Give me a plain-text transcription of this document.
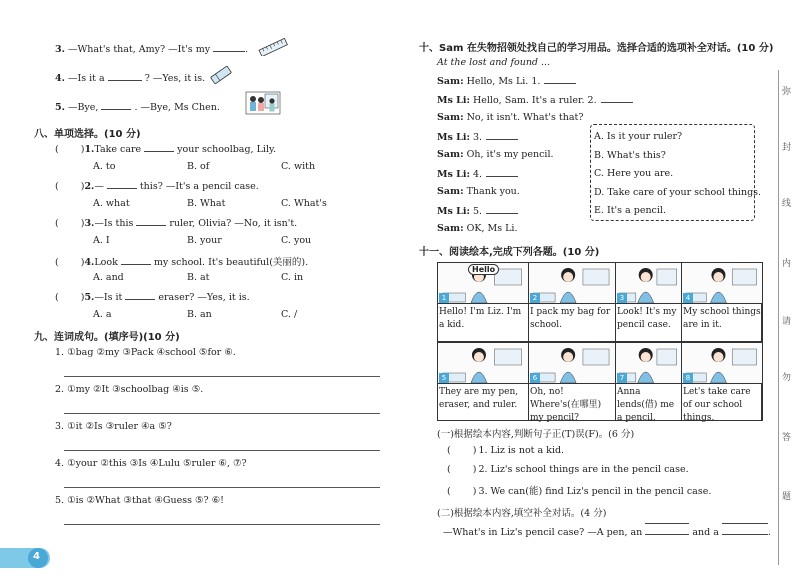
3. —What's that, Amy? —It's my	.
4. —Is it a	? —Yes, it is.
5. —Bye,	. —Bye, Ms Chen.
八、单项选择。(10 分)
( )1.Take care	your schoolbag, Lily.
A. to	B. of	C. with
( )2.—	this? —It's a pencil case.
A. what	B. What	C. What's
( )3.—Is this	ruler, Olivia? —No, it isn't.
A. I	B. your	C. you
( )4.Look	my school. It's beautiful(美丽的).
A. and	B. at	C. in
( )5.—Is it	eraser? —Yes, it is.
A. a	B. an	C. /
九、连词成句。(填序号)(10 分)
1. ①bag ②my ③Pack ④school ⑤for ⑥.
2. ①my ②It ③schoolbag ④is ⑤.
3. ①it ②Is ③ruler ④a ⑤?
4. ①your ②this ③Is ④Lulu ⑤ruler ⑥, ⑦?
5. ①is ②What ③that ④Guess ⑤? ⑥!
4
十、Sam 在失物招领处找自己的学习用品。选择合适的选项补全对话。(10 分)
At the lost and found ...
Sam: Hello, Ms Li. 1.
Ms Li: Hello, Sam. It's a ruler. 2.
Sam: No, it isn't. What's that?
Ms Li: 3.
Sam: Oh, it's my pencil.
Ms Li: 4.
Sam: Thank you.
Ms Li: 5.
Sam: OK, Ms Li.
A. Is it your ruler?
B. What's this?
C. Here you are.
D. Take care of your school things.
E. It's a pencil.
十一、阅读绘本,完成下列各题。(10 分)
1
Hello! I'm Liz. I'm a kid.
2
I pack my bag for school.
3
Look! It's my pencil case.
4
My school things are in it.
5
They are my pen, eraser, and ruler.
6
Oh, no! Where's(在哪里) my pencil?
7
Anna lends(借) me a pencil.
8
Let's take care of our school things.
Hello
(一)根据绘本内容,判断句子正(T)误(F)。(6 分)
( ) 1. Liz is not a kid.
( ) 2. Liz's school things are in the pencil case.
( ) 3. We can(能) find Liz's pencil in the pencil case.
(二)根据绘本内容,填空补全对话。(4 分)
—What's in Liz's pencil case? —A pen, an	and a	.
弥
封
线
内
请
勿
答
题
